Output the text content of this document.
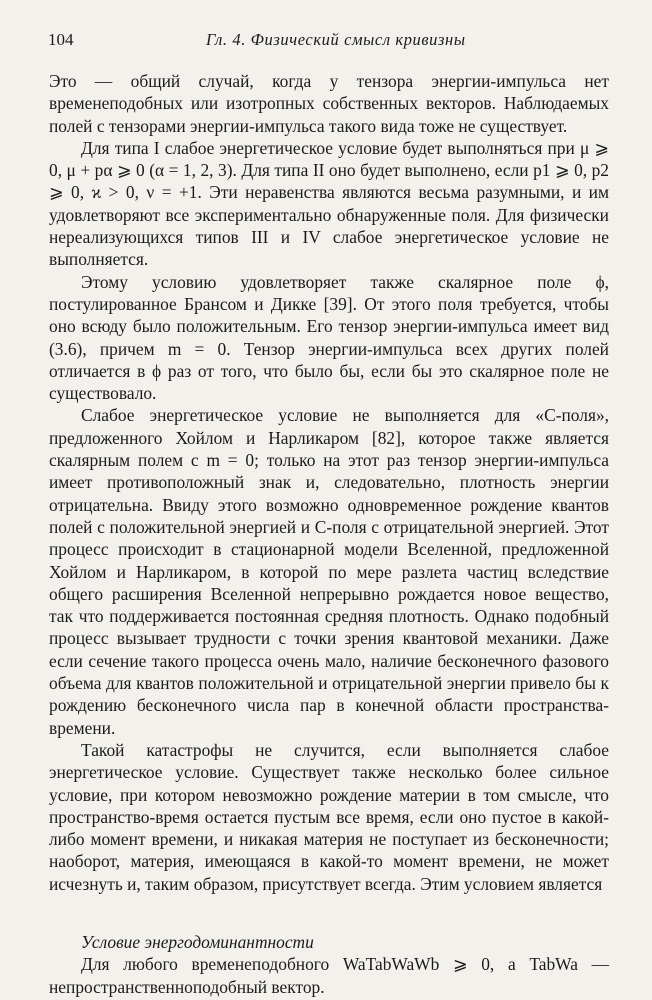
104	Гл. 4. Физический смысл кривизны

Это — общий случай, когда у тензора энергии-импульса нет временеподобных или изотропных собственных векторов. Наблюдаемых полей с тензорами энергии-импульса такого вида тоже не существует.

Для типа I слабое энергетическое условие будет выполняться при μ ⩾ 0, μ + pα ⩾ 0 (α = 1, 2, 3). Для типа II оно будет выполнено, если p1 ⩾ 0, p2 ⩾ 0, ϰ > 0, ν = +1. Эти неравенства являются весьма разумными, и им удовлетворяют все экспериментально обнаруженные поля. Для физически нереализующихся типов III и IV слабое энергетическое условие не выполняется.

Этому условию удовлетворяет также скалярное поле ϕ, постулированное Брансом и Дикке [39]. От этого поля требуется, чтобы оно всюду было положительным. Его тензор энергии-импульса имеет вид (3.6), причем m = 0. Тензор энергии-импульса всех других полей отличается в ϕ раз от того, что было бы, если бы это скалярное поле не существовало.

Слабое энергетическое условие не выполняется для «C-поля», предложенного Хойлом и Нарликаром [82], которое также является скалярным полем с m = 0; только на этот раз тензор энергии-импульса имеет противоположный знак и, следовательно, плотность энергии отрицательна. Ввиду этого возможно одновременное рождение квантов полей с положительной энергией и C-поля с отрицательной энергией. Этот процесс происходит в стационарной модели Вселенной, предложенной Хойлом и Нарликаром, в которой по мере разлета частиц вследствие общего расширения Вселенной непрерывно рождается новое вещество, так что поддерживается постоянная средняя плотность. Однако подобный процесс вызывает трудности с точки зрения квантовой механики. Даже если сечение такого процесса очень мало, наличие бесконечного фазового объема для квантов положительной и отрицательной энергии привело бы к рождению бесконечного числа пар в конечной области пространства-времени.

Такой катастрофы не случится, если выполняется слабое энергетическое условие. Существует также несколько более сильное условие, при котором невозможно рождение материи в том смысле, что пространство-время остается пустым все время, если оно пустое в какой-либо момент времени, и никакая материя не поступает из бесконечности; наоборот, материя, имеющаяся в какой-то момент времени, не может исчезнуть и, таким образом, присутствует всегда. Этим условием является

Условие энергодоминантности

Для любого временеподобного WaTabWaWb ⩾ 0, а TabWa — непространственноподобный вектор.
